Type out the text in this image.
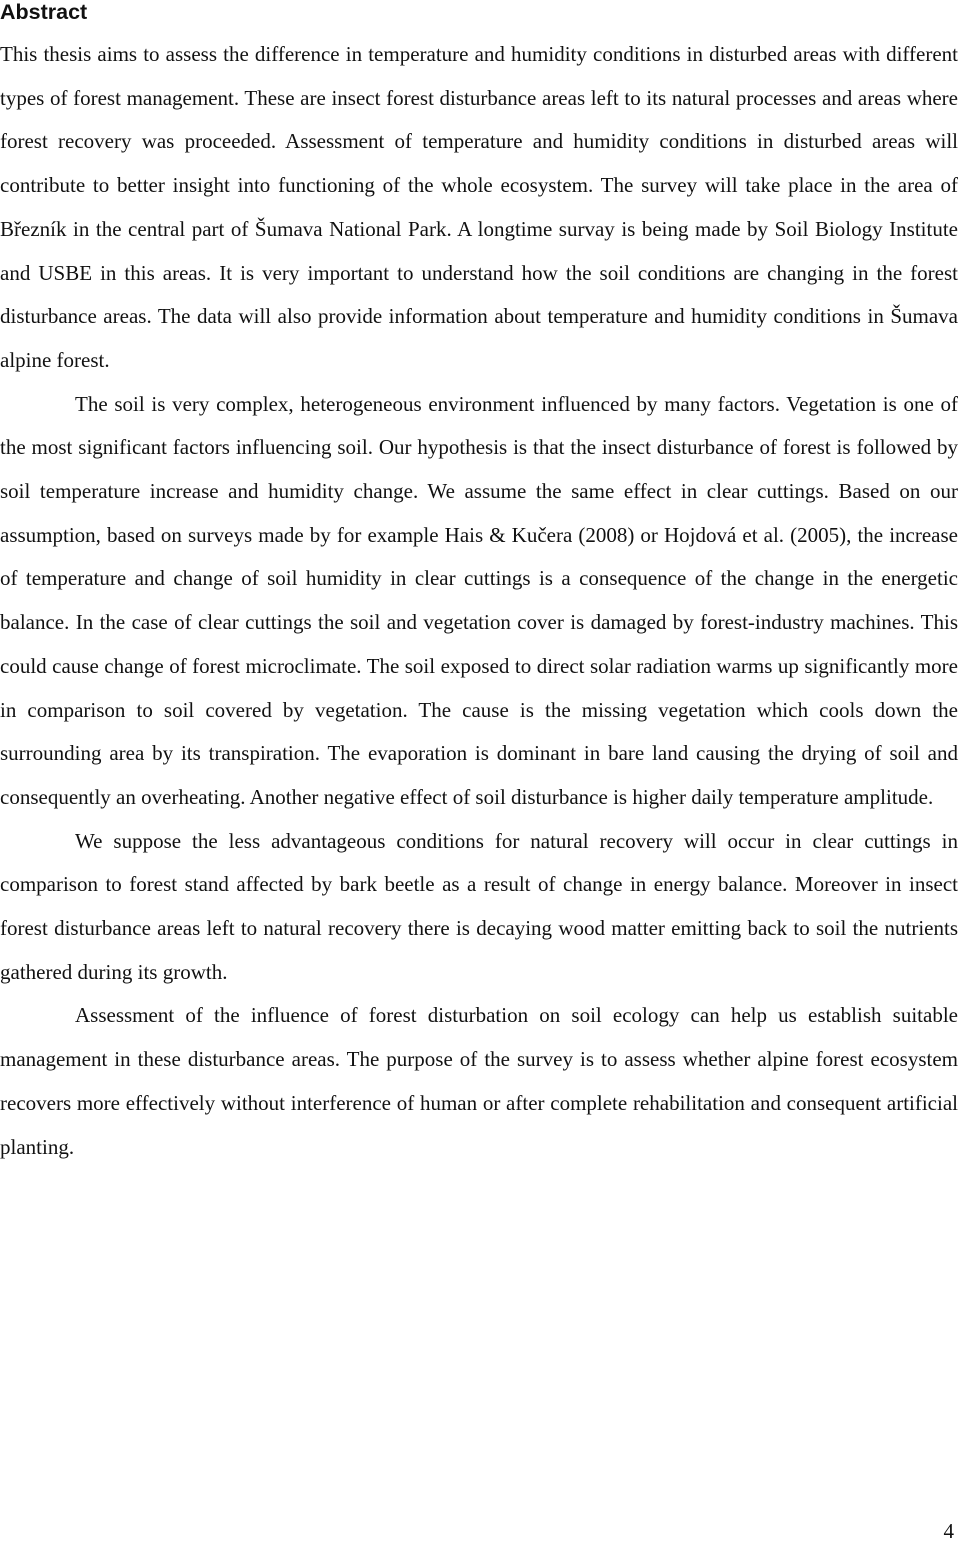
Abstract

This thesis aims to assess the difference in temperature and humidity conditions in disturbed areas with different types of forest management. These are insect forest disturbance areas left to its natural processes and areas where forest recovery was proceeded. Assessment of temperature and humidity conditions in disturbed areas will contribute to better insight into functioning of the whole ecosystem. The survey will take place in the area of Březník in the central part of Šumava National Park. A longtime survay is being made by Soil Biology Institute and USBE in this areas. It is very important to understand how the soil conditions are changing in the forest disturbance areas. The data will also provide information about temperature and humidity conditions in Šumava alpine forest.

The soil is very complex, heterogeneous environment influenced by many factors. Vegetation is one of the most significant factors influencing soil. Our hypothesis is that the insect disturbance of forest is followed by soil temperature increase and humidity change. We assume the same effect in clear cuttings. Based on our assumption, based on surveys made by for example Hais & Kučera (2008) or Hojdová et al. (2005), the increase of temperature and change of soil humidity in clear cuttings is a consequence of the change in the energetic balance. In the case of clear cuttings the soil and vegetation cover is damaged by forest-industry machines. This could cause change of forest microclimate. The soil exposed to direct solar radiation warms up significantly more in comparison to soil covered by vegetation. The cause is the missing vegetation which cools down the surrounding area by its transpiration. The evaporation is dominant in bare land causing the drying of soil and consequently an overheating. Another negative effect of soil disturbance is higher daily temperature amplitude.

We suppose the less advantageous conditions for natural recovery will occur in clear cuttings in comparison to forest stand affected by bark beetle as a result of change in energy balance. Moreover in insect forest disturbance areas left to natural recovery there is decaying wood matter emitting back to soil the nutrients gathered during its growth.

Assessment of the influence of forest disturbation on soil ecology can help us establish suitable management in these disturbance areas. The purpose of the survey is to assess whether alpine forest ecosystem recovers more effectively without interference of human or after complete rehabilitation and consequent artificial planting.

4
